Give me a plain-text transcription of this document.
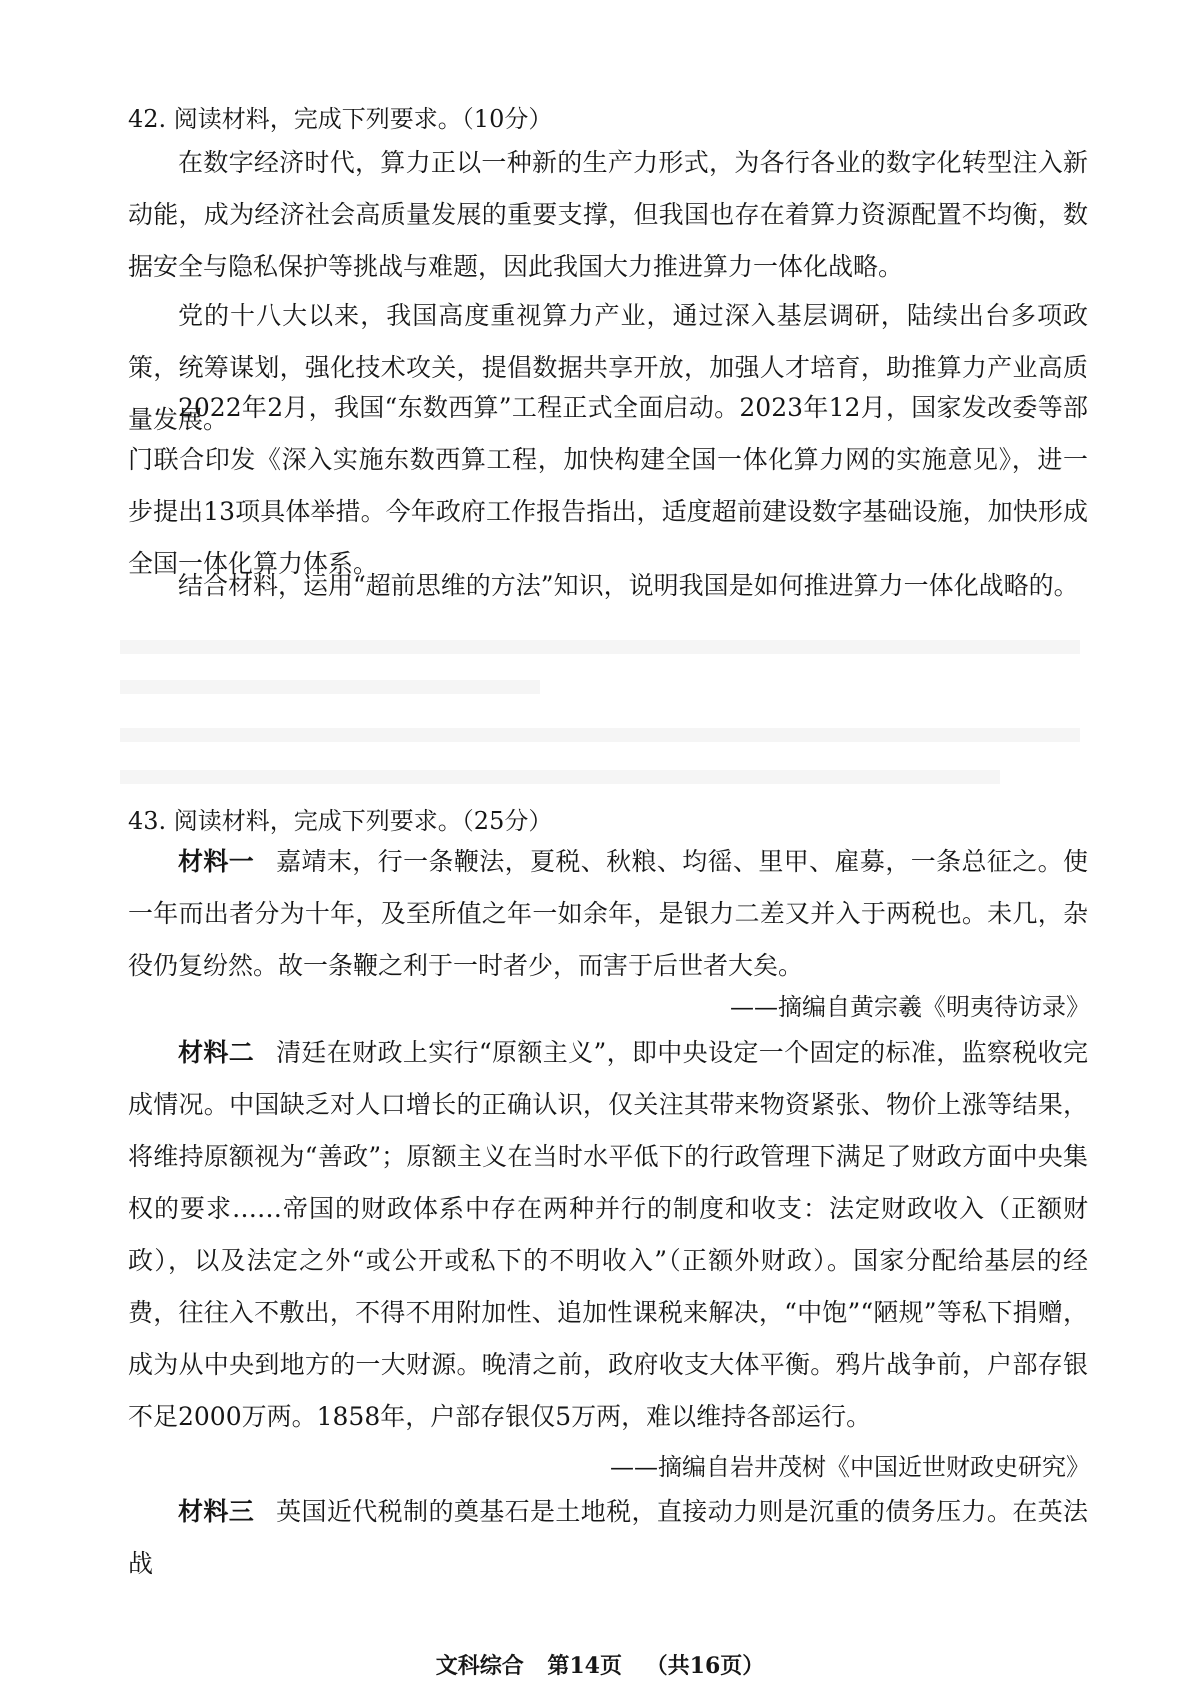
42. 阅读材料，完成下列要求。（10分）

在数字经济时代，算力正以一种新的生产力形式，为各行各业的数字化转型注入新动能，成为经济社会高质量发展的重要支撑，但我国也存在着算力资源配置不均衡，数据安全与隐私保护等挑战与难题，因此我国大力推进算力一体化战略。

党的十八大以来，我国高度重视算力产业，通过深入基层调研，陆续出台多项政策，统筹谋划，强化技术攻关，提倡数据共享开放，加强人才培育，助推算力产业高质量发展。

2022年2月，我国“东数西算”工程正式全面启动。2023年12月，国家发改委等部门联合印发《深入实施东数西算工程，加快构建全国一体化算力网的实施意见》，进一步提出13项具体举措。今年政府工作报告指出，适度超前建设数字基础设施，加快形成全国一体化算力体系。

结合材料，运用“超前思维的方法”知识，说明我国是如何推进算力一体化战略的。

43. 阅读材料，完成下列要求。（25分）

材料一 嘉靖末，行一条鞭法，夏税、秋粮、均徭、里甲、雇募，一条总征之。使一年而出者分为十年，及至所值之年一如余年，是银力二差又并入于两税也。未几，杂役仍复纷然。故一条鞭之利于一时者少，而害于后世者大矣。

——摘编自黄宗羲《明夷待访录》

材料二 清廷在财政上实行“原额主义”，即中央设定一个固定的标准，监察税收完成情况。中国缺乏对人口增长的正确认识，仅关注其带来物资紧张、物价上涨等结果，将维持原额视为“善政”；原额主义在当时水平低下的行政管理下满足了财政方面中央集权的要求……帝国的财政体系中存在两种并行的制度和收支：法定财政收入（正额财政），以及法定之外“或公开或私下的不明收入”（正额外财政）。国家分配给基层的经费，往往入不敷出，不得不用附加性、追加性课税来解决，“中饱”“陋规”等私下捐赠，成为从中央到地方的一大财源。晚清之前，政府收支大体平衡。鸦片战争前，户部存银不足2000万两。1858年，户部存银仅5万两，难以维持各部运行。

——摘编自岩井茂树《中国近世财政史研究》

材料三 英国近代税制的奠基石是土地税，直接动力则是沉重的债务压力。在英法战

文科综合 第14页 （共16页）
